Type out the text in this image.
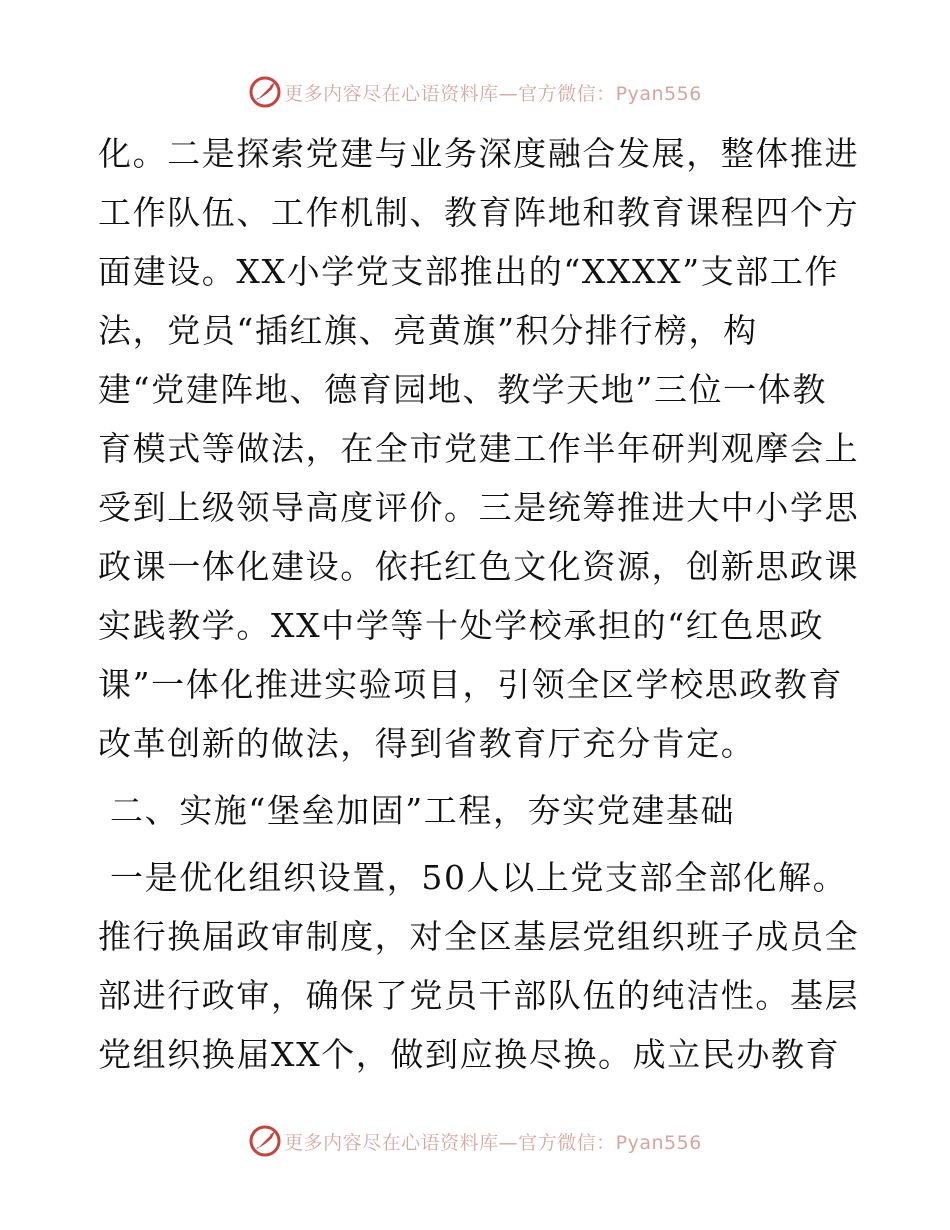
更多内容尽在心语资料库—官方微信：Pyan556
化。二是探索党建与业务深度融合发展，整体推进
工作队伍、工作机制、教育阵地和教育课程四个方
面建设。XX小学党支部推出的“XXXX”支部工作
法，党员“插红旗、亮黄旗”积分排行榜，构
建“党建阵地、德育园地、教学天地”三位一体教
育模式等做法，在全市党建工作半年研判观摩会上
受到上级领导高度评价。三是统筹推进大中小学思
政课一体化建设。依托红色文化资源，创新思政课
实践教学。XX中学等十处学校承担的“红色思政
课”一体化推进实验项目，引领全区学校思政教育
改革创新的做法，得到省教育厅充分肯定。
二、实施“堡垒加固”工程，夯实党建基础
一是优化组织设置，50人以上党支部全部化解。
推行换届政审制度，对全区基层党组织班子成员全
部进行政审，确保了党员干部队伍的纯洁性。基层
党组织换届XX个，做到应换尽换。成立民办教育
更多内容尽在心语资料库—官方微信：Pyan556
